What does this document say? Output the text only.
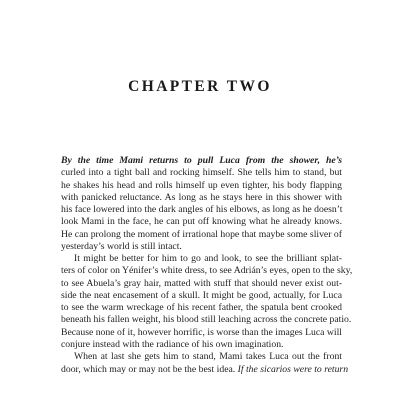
CHAPTER TWO
By the time Mami returns to pull Luca from the shower, he’s
curled into a tight ball and rocking himself. She tells him to stand, but
he shakes his head and rolls himself up even tighter, his body flapping
with panicked reluctance. As long as he stays here in this shower with
his face lowered into the dark angles of his elbows, as long as he doesn’t
look Mami in the face, he can put off knowing what he already knows.
He can prolong the moment of irrational hope that maybe some sliver of
yesterday’s world is still intact.
It might be better for him to go and look, to see the brilliant splat-
ters of color on Yénifer’s white dress, to see Adrián’s eyes, open to the sky,
to see Abuela’s gray hair, matted with stuff that should never exist out-
side the neat encasement of a skull. It might be good, actually, for Luca
to see the warm wreckage of his recent father, the spatula bent crooked
beneath his fallen weight, his blood still leaching across the concrete patio.
Because none of it, however horrific, is worse than the images Luca will
conjure instead with the radiance of his own imagination.
When at last she gets him to stand, Mami takes Luca out the front
door, which may or may not be the best idea. If the sicarios were to return
